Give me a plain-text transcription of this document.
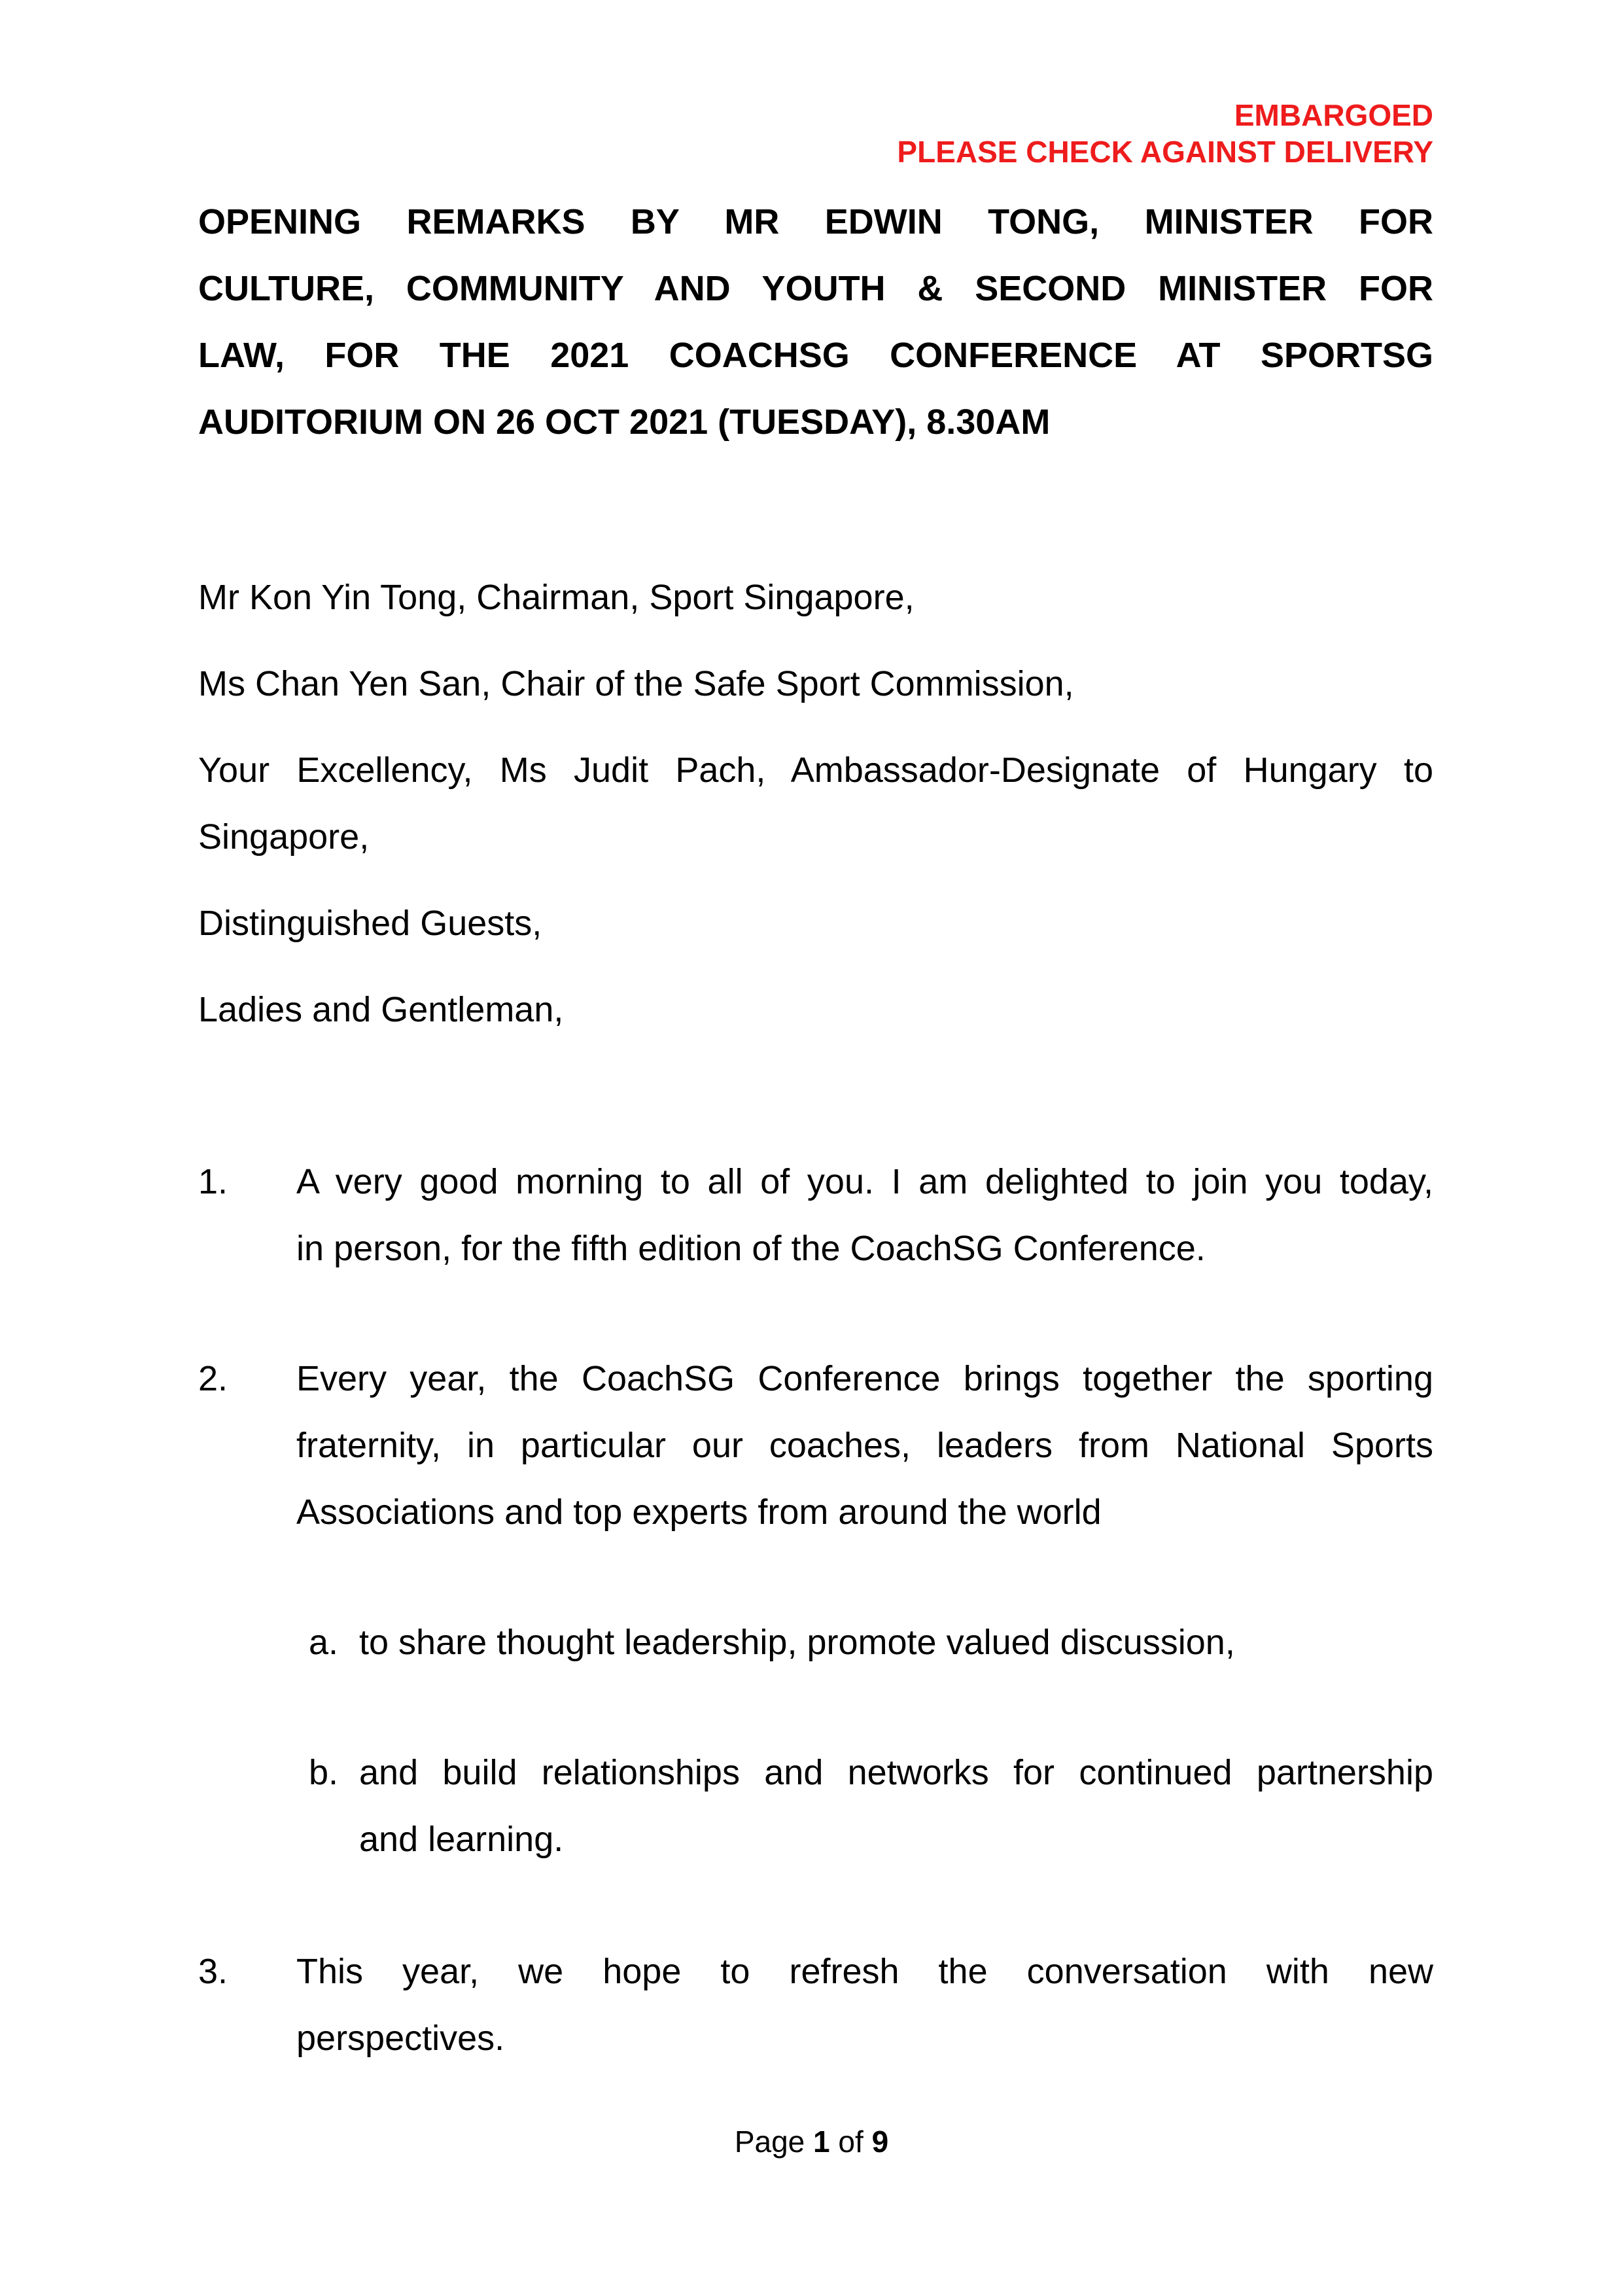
EMBARGOED
PLEASE CHECK AGAINST DELIVERY
OPENING REMARKS BY MR EDWIN TONG, MINISTER FOR
CULTURE, COMMUNITY AND YOUTH & SECOND MINISTER FOR
LAW, FOR THE 2021 COACHSG CONFERENCE AT SPORTSG
AUDITORIUM ON 26 OCT 2021 (TUESDAY), 8.30AM
Mr Kon Yin Tong, Chairman, Sport Singapore,
Ms Chan Yen San, Chair of the Safe Sport Commission,
Your Excellency, Ms Judit Pach, Ambassador-Designate of Hungary to
Singapore,
Distinguished Guests,
Ladies and Gentleman,
1. A very good morning to all of you. I am delighted to join you today,
in person, for the fifth edition of the CoachSG Conference.
2. Every year, the CoachSG Conference brings together the sporting
fraternity, in particular our coaches, leaders from National Sports
Associations and top experts from around the world
a. to share thought leadership, promote valued discussion,
b. and build relationships and networks for continued partnership
and learning.
3. This year, we hope to refresh the conversation with new
perspectives.
Page 1 of 9
